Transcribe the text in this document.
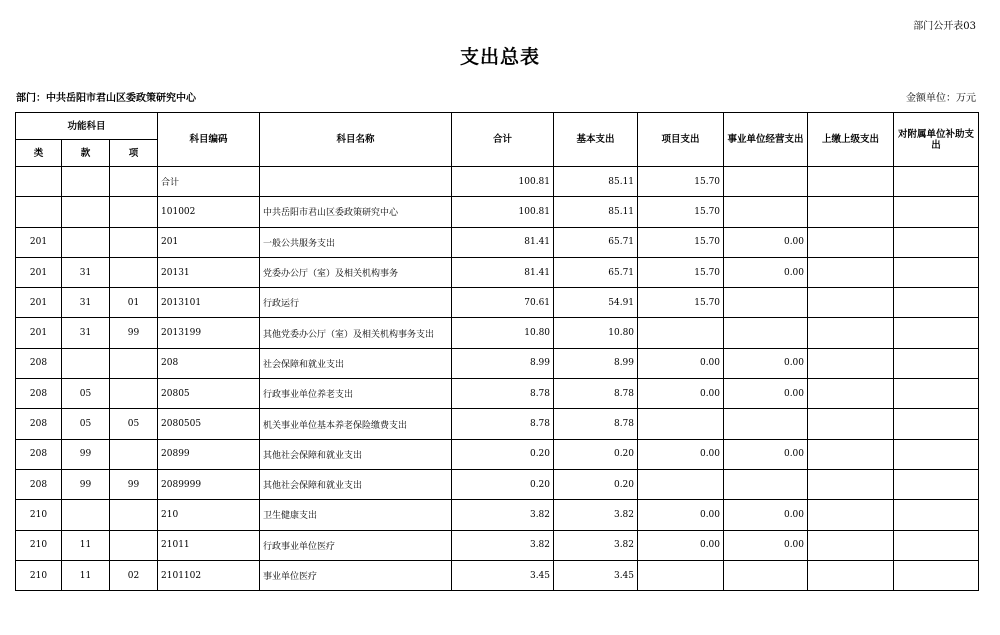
部门公开表03
支出总表
部门：中共岳阳市君山区委政策研究中心	金额单位：万元
功能科目			科目编码	科目名称	合计	基本支出	项目支出	事业单位经营支出	上缴上级支出	对附属单位补助支出
类	款	项								
			合计		100.81	85.11	15.70			
			101002	中共岳阳市君山区委政策研究中心	100.81	85.11	15.70			
201			201	一般公共服务支出	81.41	65.71	15.70	0.00		
201	31		20131	党委办公厅（室）及相关机构事务	81.41	65.71	15.70	0.00		
201	31	01	2013101	行政运行	70.61	54.91	15.70			
201	31	99	2013199	其他党委办公厅（室）及相关机构事务支出	10.80	10.80				
208			208	社会保障和就业支出	8.99	8.99	0.00	0.00		
208	05		20805	行政事业单位养老支出	8.78	8.78	0.00	0.00		
208	05	05	2080505	机关事业单位基本养老保险缴费支出	8.78	8.78				
208	99		20899	其他社会保障和就业支出	0.20	0.20	0.00	0.00		
208	99	99	2089999	其他社会保障和就业支出	0.20	0.20				
210			210	卫生健康支出	3.82	3.82	0.00	0.00		
210	11		21011	行政事业单位医疗	3.82	3.82	0.00	0.00		
210	11	02	2101102	事业单位医疗	3.45	3.45				
